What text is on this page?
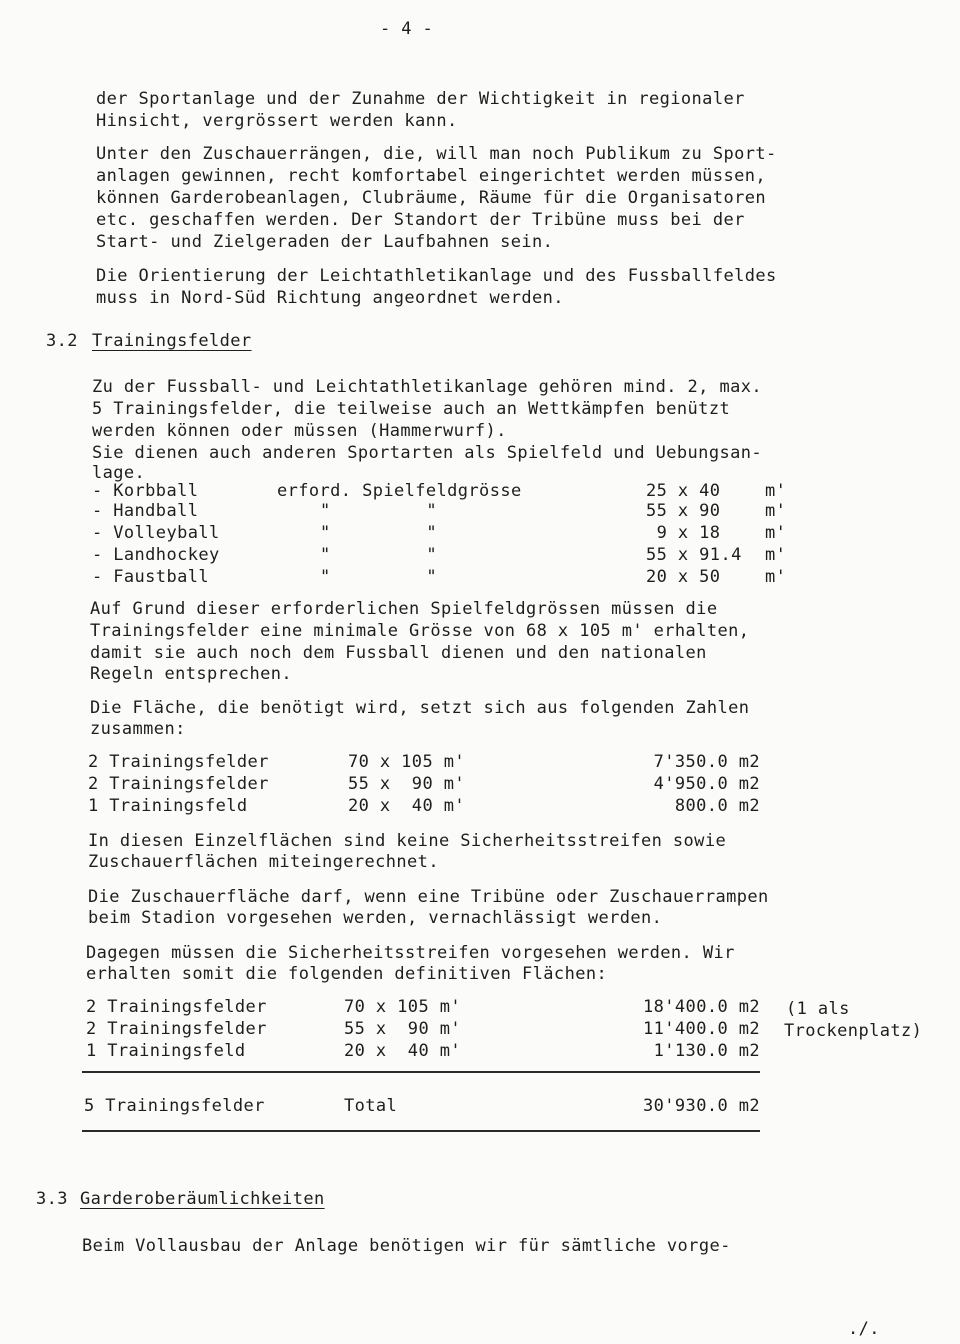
- 4 -
der Sportanlage und der Zunahme der Wichtigkeit in regionaler
Hinsicht, vergrössert werden kann.
Unter den Zuschauerrängen, die, will man noch Publikum zu Sport-
anlagen gewinnen, recht komfortabel eingerichtet werden müssen,
können Garderobeanlagen, Clubräume, Räume für die Organisatoren
etc. geschaffen werden. Der Standort der Tribüne muss bei der
Start- und Zielgeraden der Laufbahnen sein.
Die Orientierung der Leichtathletikanlage und des Fussballfeldes
muss in Nord-Süd Richtung angeordnet werden.
3.2 Trainingsfelder
Zu der Fussball- und Leichtathletikanlage gehören mind. 2, max.
5 Trainingsfelder, die teilweise auch an Wettkämpfen benützt
werden können oder müssen (Hammerwurf).
Sie dienen auch anderen Sportarten als Spielfeld und Uebungsan-
lage.
- Korbball	erford. Spielfeldgrösse	25 x 40	m'
- Handball	"         "	55 x 90	m'
- Volleyball	"         "	9 x 18	m'
- Landhockey	"         "	55 x 91.4 m'
- Faustball	"         "	20 x 50	m'
Auf Grund dieser erforderlichen Spielfeldgrössen müssen die
Trainingsfelder eine minimale Grösse von 68 x 105 m' erhalten,
damit sie auch noch dem Fussball dienen und den nationalen
Regeln entsprechen.
Die Fläche, die benötigt wird, setzt sich aus folgenden Zahlen
zusammen:
2 Trainingsfelder	70 x 105 m'	7'350.0 m2
2 Trainingsfelder	55 x  90 m'	4'950.0 m2
1 Trainingsfeld	20 x  40 m'	800.0 m2
In diesen Einzelflächen sind keine Sicherheitsstreifen sowie
Zuschauerflächen miteingerechnet.
Die Zuschauerfläche darf, wenn eine Tribüne oder Zuschauerrampen
beim Stadion vorgesehen werden, vernachlässigt werden.
Dagegen müssen die Sicherheitsstreifen vorgesehen werden. Wir
erhalten somit die folgenden definitiven Flächen:
2 Trainingsfelder	70 x 105 m'	18'400.0 m2 (1 als
2 Trainingsfelder	55 x  90 m'	11'400.0 m2 Trockenplatz)
1 Trainingsfeld	20 x  40 m'	1'130.0 m2
5 Trainingsfelder	Total	30'930.0 m2
3.3 Garderoberäumlichkeiten
Beim Vollausbau der Anlage benötigen wir für sämtliche vorge-
./.
